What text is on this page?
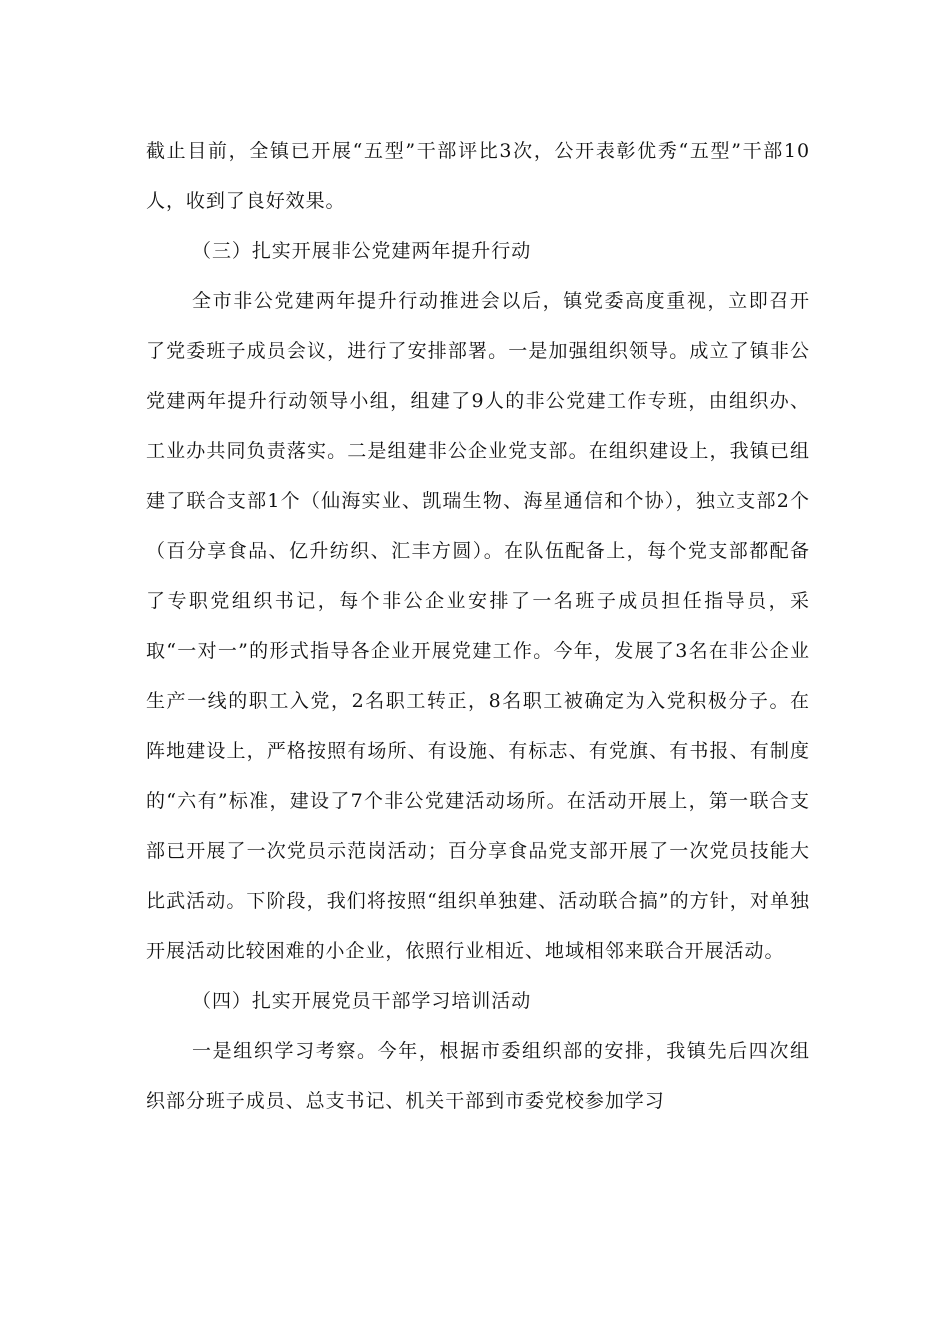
截止目前，全镇已开展“五型”干部评比3次，公开表彰优秀“五型”干部10人，收到了良好效果。

（三）扎实开展非公党建两年提升行动

全市非公党建两年提升行动推进会以后，镇党委高度重视，立即召开了党委班子成员会议，进行了安排部署。一是加强组织领导。成立了镇非公党建两年提升行动领导小组，组建了9人的非公党建工作专班，由组织办、工业办共同负责落实。二是组建非公企业党支部。在组织建设上，我镇已组建了联合支部1个（仙海实业、凯瑞生物、海星通信和个协），独立支部2个（百分享食品、亿升纺织、汇丰方圆）。在队伍配备上，每个党支部都配备了专职党组织书记，每个非公企业安排了一名班子成员担任指导员，采取“一对一”的形式指导各企业开展党建工作。今年，发展了3名在非公企业生产一线的职工入党，2名职工转正，8名职工被确定为入党积极分子。在阵地建设上，严格按照有场所、有设施、有标志、有党旗、有书报、有制度的“六有”标准，建设了7个非公党建活动场所。在活动开展上，第一联合支部已开展了一次党员示范岗活动；百分享食品党支部开展了一次党员技能大比武活动。下阶段，我们将按照“组织单独建、活动联合搞”的方针，对单独开展活动比较困难的小企业，依照行业相近、地域相邻来联合开展活动。

（四）扎实开展党员干部学习培训活动

一是组织学习考察。今年，根据市委组织部的安排，我镇先后四次组织部分班子成员、总支书记、机关干部到市委党校参加学习
